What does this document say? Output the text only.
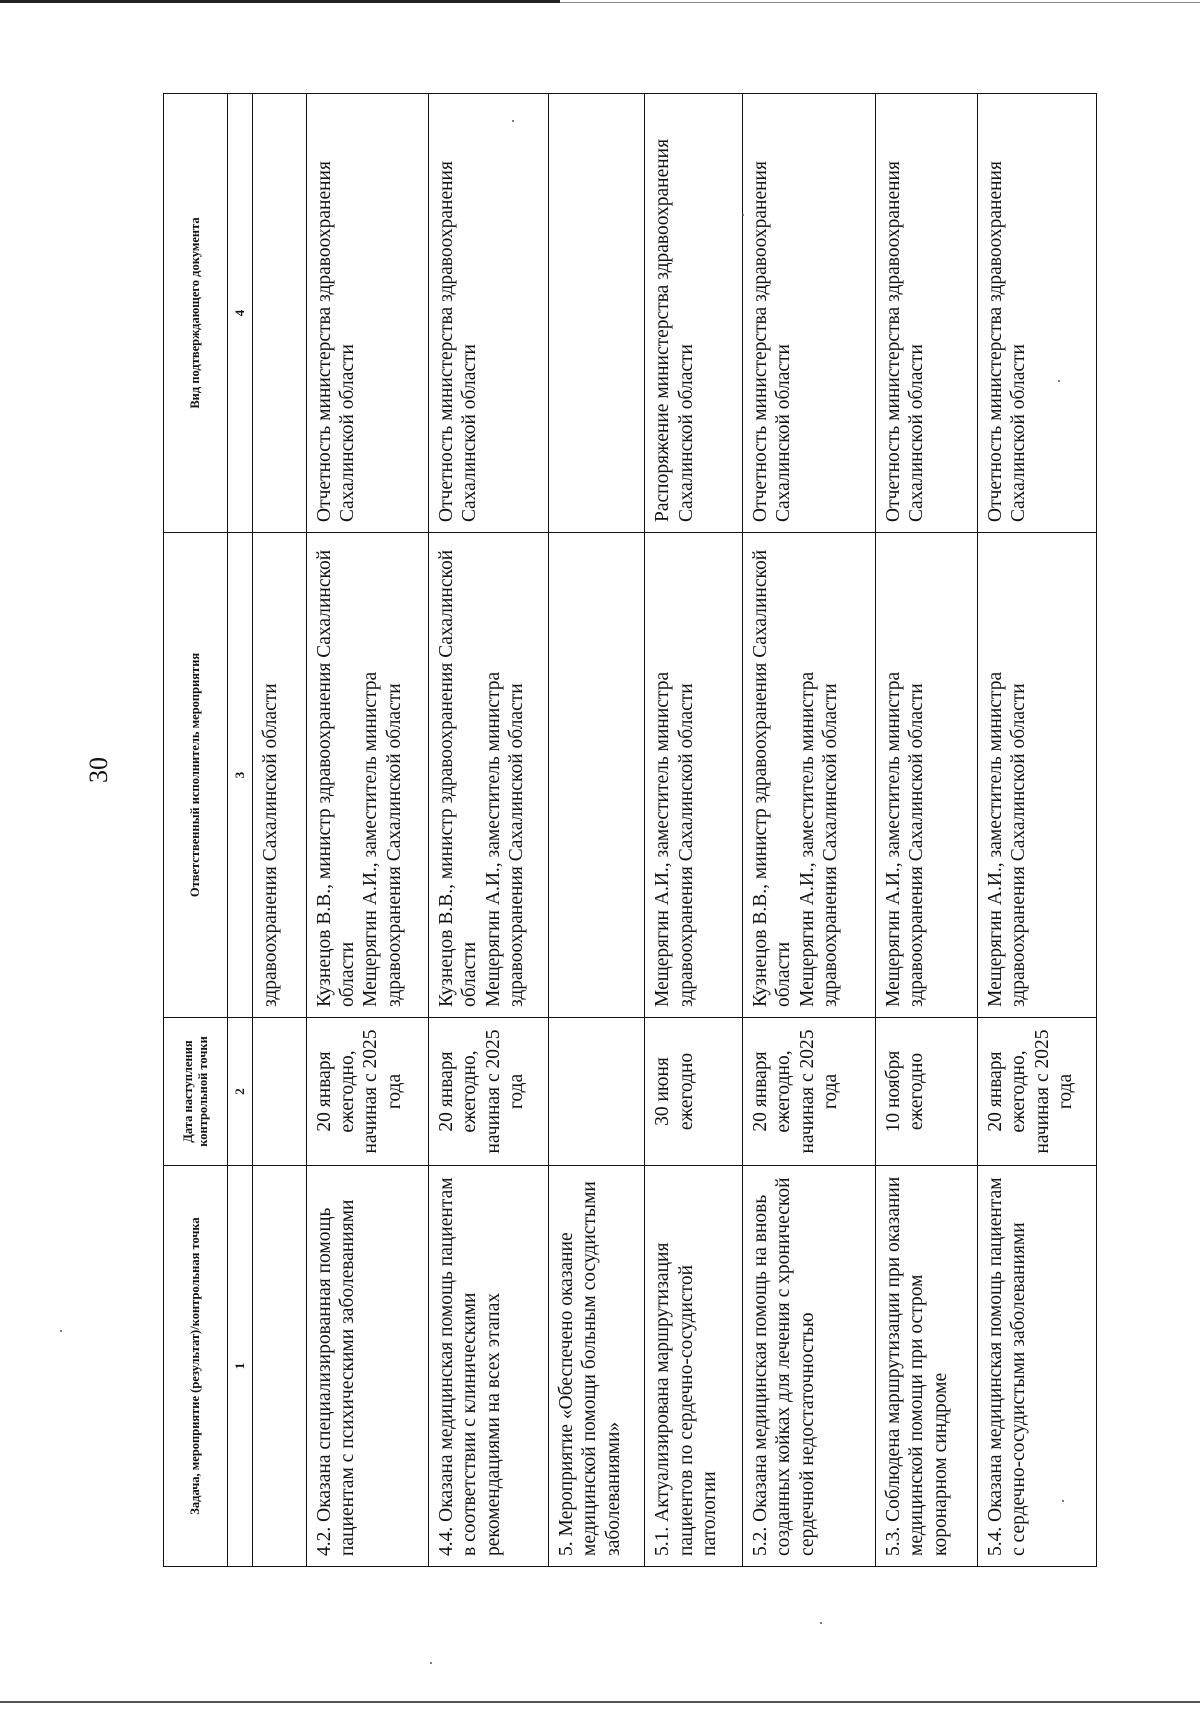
30
Задача, мероприятие (результат)/контрольная точка	Дата наступления контрольной точки	Ответственный исполнитель мероприятия	Вид подтверждающего документа
1	2	3	4
		здравоохранения Сахалинской области	
4.2. Оказана специализированная помощь пациентам с психическими заболеваниями	20 января ежегодно, начиная с 2025 года	Кузнецов В.В., министр здравоохранения Сахалинской области Мещерягин А.И., заместитель министра здравоохранения Сахалинской области	Отчетность министерства здравоохранения Сахалинской области
4.4. Оказана медицинская помощь пациентам в соответствии с клиническими рекомендациями на всех этапах	20 января ежегодно, начиная с 2025 года	Кузнецов В.В., министр здравоохранения Сахалинской области Мещерягин А.И., заместитель министра здравоохранения Сахалинской области	Отчетность министерства здравоохранения Сахалинской области
5. Мероприятие «Обеспечено оказание медицинской помощи больным сосудистыми заболеваниями»			
5.1. Актуализирована маршрутизация пациентов по сердечно-сосудистой патологии	30 июня ежегодно	Мещерягин А.И., заместитель министра здравоохранения Сахалинской области	Распоряжение министерства здравоохранения Сахалинской области
5.2. Оказана медицинская помощь на вновь созданных койках для лечения с хронической сердечной недостаточностью	20 января ежегодно, начиная с 2025 года	Кузнецов В.В., министр здравоохранения Сахалинской области Мещерягин А.И., заместитель министра здравоохранения Сахалинской области	Отчетность министерства здравоохранения Сахалинской области
5.3. Соблюдена маршрутизации при оказании медицинской помощи при остром коронарном синдроме	10 ноября ежегодно	Мещерягин А.И., заместитель министра здравоохранения Сахалинской области	Отчетность министерства здравоохранения Сахалинской области
5.4. Оказана медицинская помощь пациентам с сердечно-сосудистыми заболеваниями	20 января ежегодно, начиная с 2025 года	Мещерягин А.И., заместитель министра здравоохранения Сахалинской области	Отчетность министерства здравоохранения Сахалинской области
